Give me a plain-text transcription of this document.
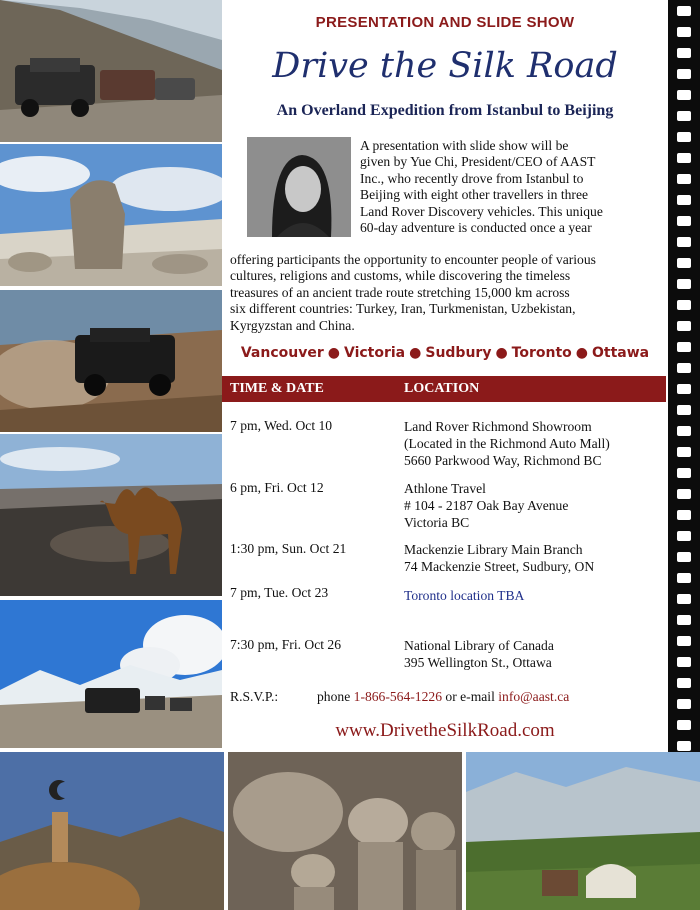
PRESENTATION AND SLIDE SHOW
Drive the Silk Road
An Overland Expedition from Istanbul to Beijing
A presentation with slide show will be
given by Yue Chi, President/CEO of AAST
Inc., who recently drove from Istanbul to
Beijing with eight other travellers in three
Land Rover Discovery vehicles. This unique
60-day adventure is conducted once a year
offering participants the opportunity to encounter people of various
cultures, religions and customs, while discovering the timeless
treasures of an ancient trade route stretching 15,000 km across
six different countries: Turkey, Iran, Turkmenistan, Uzbekistan,
Kyrgyzstan and China.
Vancouver ● Victoria ● Sudbury ● Toronto ● Ottawa
TIME & DATE	LOCATION
7 pm, Wed. Oct 10	Land Rover Richmond Showroom
(Located in the Richmond Auto Mall)
5660 Parkwood Way, Richmond BC
6 pm, Fri. Oct 12	Athlone Travel
# 104 - 2187 Oak Bay Avenue
Victoria BC
1:30 pm, Sun. Oct 21	Mackenzie Library Main Branch
74 Mackenzie Street, Sudbury, ON
7 pm, Tue. Oct 23	Toronto location TBA
7:30 pm, Fri. Oct 26	National Library of Canada
395 Wellington St., Ottawa
R.S.V.P.:	phone 1-866-564-1226 or e-mail info@aast.ca
www.DrivetheSilkRoad.com
